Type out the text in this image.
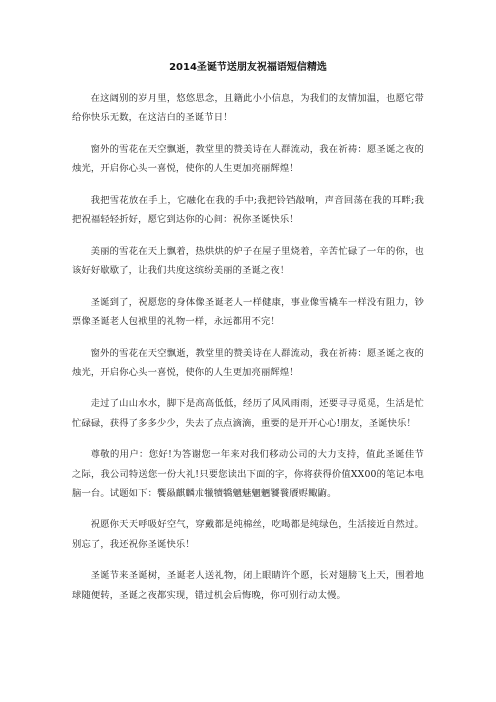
2014圣诞节送朋友祝福语短信精选

在这阔别的岁月里，悠悠思念，且籍此小小信息，为我们的友情加温，也愿它带给你快乐无数，在这洁白的圣诞节日！

窗外的雪花在天空飘逝，教堂里的赞美诗在人群流动，我在祈祷：愿圣诞之夜的烛光，开启你心头一喜悦，使你的人生更加亮丽辉煌！

我把雪花放在手上，它融化在我的手中;我把铃铛敲响，声音回荡在我的耳畔;我把祝福轻轻折好，愿它到达你的心间：祝你圣诞快乐！

美丽的雪花在天上飘着，热烘烘的炉子在屋子里烧着，辛苦忙碌了一年的你，也该好好歇歇了，让我们共度这缤纷美丽的圣诞之夜！

圣诞到了，祝愿您的身体像圣诞老人一样健康，事业像雪橇车一样没有阻力，钞票像圣诞老人包袱里的礼物一样，永远都用不完！

窗外的雪花在天空飘逝，教堂里的赞美诗在人群流动，我在祈祷：愿圣诞之夜的烛光，开启你心头一喜悦，使你的人生更加亮丽辉煌！

走过了山山水水，脚下是高高低低，经历了风风雨雨，还要寻寻觅觅，生活是忙忙碌碌，获得了多多少少，失去了点点滴滴，重要的是开开心心!朋友，圣诞快乐！

尊敬的用户：您好!为答谢您一年来对我们移动公司的大力支持，值此圣诞佳节之际，我公司特送您一份大礼!只要您读出下面的字，你将获得价值XX00的笔记本电脑一台。试题如下：饗赑麒麟朮犣犢犞魑魅魍魉饕餮餍赆鲰鼩。

祝愿你天天呼吸好空气，穿戴都是纯棉丝，吃喝都是纯绿色，生活接近自然过。别忘了，我还祝你圣诞快乐！

圣诞节来圣诞树，圣诞老人送礼物，闭上眼睛许个愿，长对翅膀飞上天，围着地球随便转，圣诞之夜都实现，错过机会后悔晚，你可别行动太慢。
